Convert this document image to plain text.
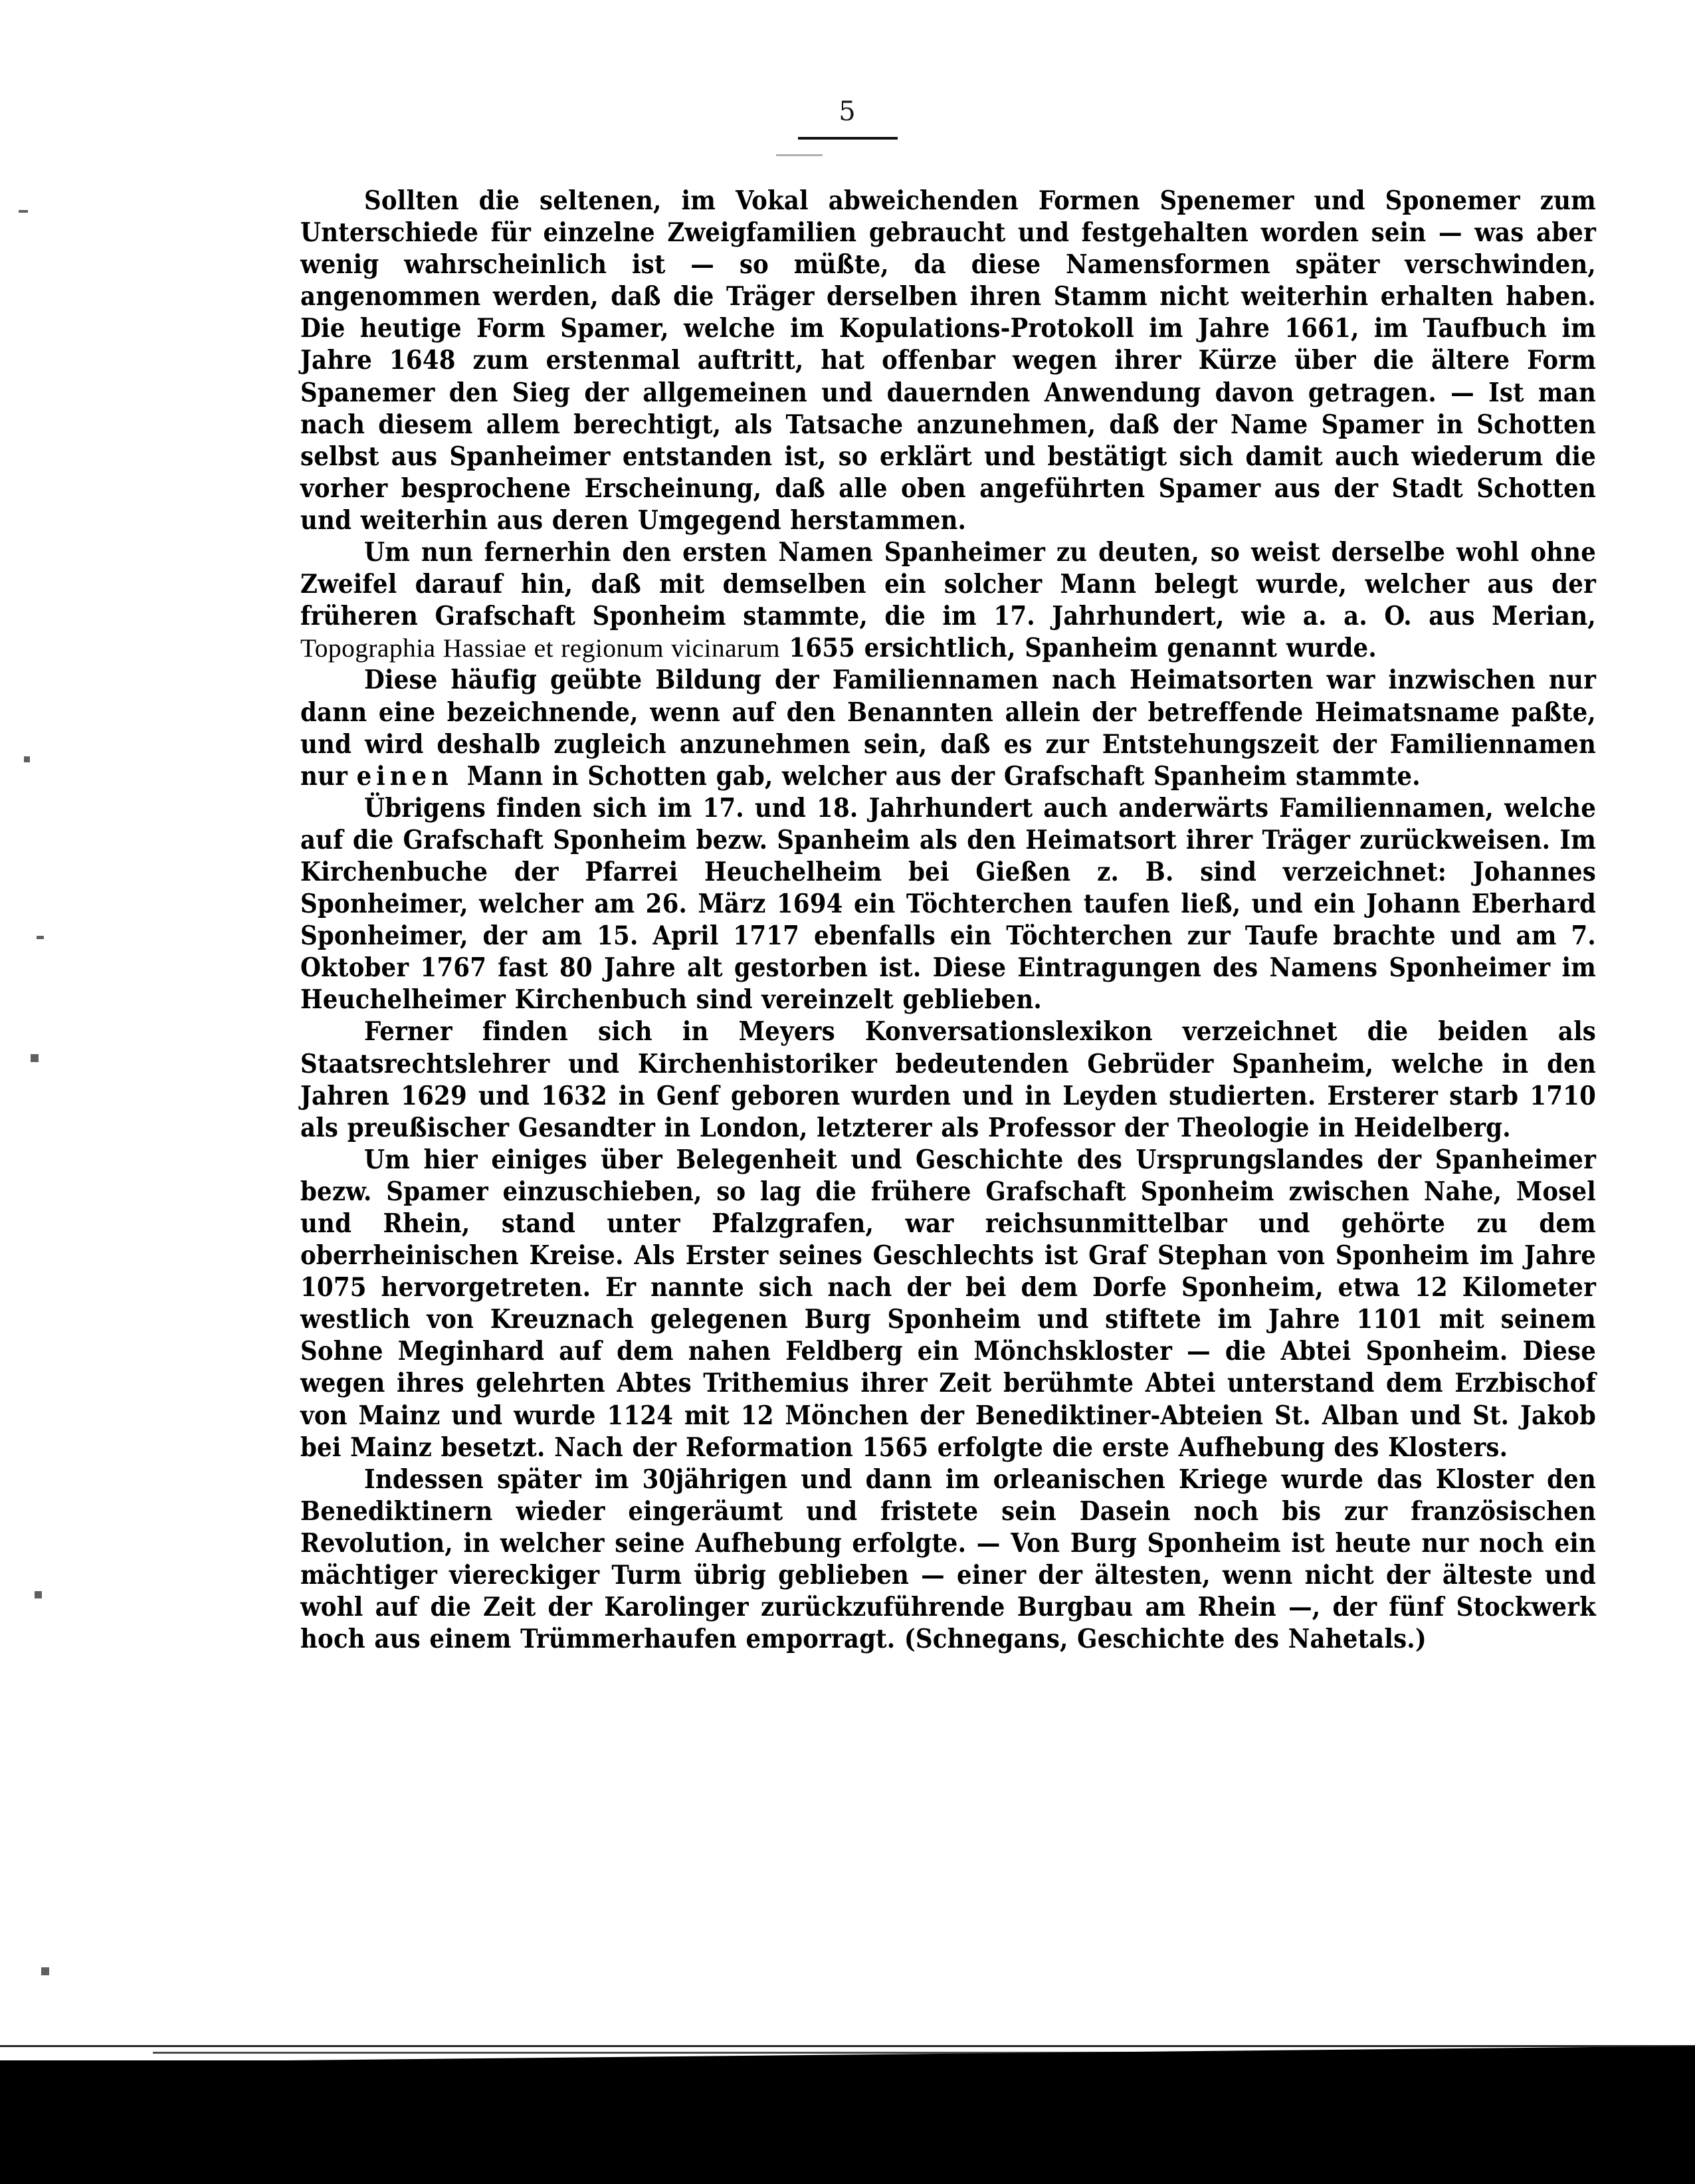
5

Sollten die seltenen, im Vokal abweichenden Formen Spenemer und Sponemer zum Unterschiede für einzelne Zweigfamilien gebraucht und festgehalten worden sein — was aber wenig wahrscheinlich ist — so müßte, da diese Namensformen später verschwinden, angenommen werden, daß die Träger derselben ihren Stamm nicht weiterhin erhalten haben. Die heutige Form Spamer, welche im Kopulations-Protokoll im Jahre 1661, im Taufbuch im Jahre 1648 zum erstenmal auftritt, hat offenbar wegen ihrer Kürze über die ältere Form Spanemer den Sieg der allgemeinen und dauernden Anwendung davon getragen. — Ist man nach diesem allem berechtigt, als Tatsache anzunehmen, daß der Name Spamer in Schotten selbst aus Spanheimer entstanden ist, so erklärt und bestätigt sich damit auch wiederum die vorher besprochene Erscheinung, daß alle oben angeführten Spamer aus der Stadt Schotten und weiterhin aus deren Umgegend herstammen.

Um nun fernerhin den ersten Namen Spanheimer zu deuten, so weist derselbe wohl ohne Zweifel darauf hin, daß mit demselben ein solcher Mann belegt wurde, welcher aus der früheren Grafschaft Sponheim stammte, die im 17. Jahrhundert, wie a. a. O. aus Merian, Topographia Hassiae et regionum vicinarum 1655 ersichtlich, Spanheim genannt wurde.

Diese häufig geübte Bildung der Familiennamen nach Heimatsorten war inzwischen nur dann eine bezeichnende, wenn auf den Benannten allein der betreffende Heimatsname paßte, und wird deshalb zugleich anzunehmen sein, daß es zur Entstehungszeit der Familiennamen nur einen Mann in Schotten gab, welcher aus der Grafschaft Spanheim stammte.

Übrigens finden sich im 17. und 18. Jahrhundert auch anderwärts Familiennamen, welche auf die Grafschaft Sponheim bezw. Spanheim als den Heimatsort ihrer Träger zurückweisen. Im Kirchenbuche der Pfarrei Heuchelheim bei Gießen z. B. sind verzeichnet: Johannes Sponheimer, welcher am 26. März 1694 ein Töchterchen taufen ließ, und ein Johann Eberhard Sponheimer, der am 15. April 1717 ebenfalls ein Töchterchen zur Taufe brachte und am 7. Oktober 1767 fast 80 Jahre alt gestorben ist. Diese Eintragungen des Namens Sponheimer im Heuchelheimer Kirchenbuch sind vereinzelt geblieben.

Ferner finden sich in Meyers Konversationslexikon verzeichnet die beiden als Staatsrechtslehrer und Kirchenhistoriker bedeutenden Gebrüder Spanheim, welche in den Jahren 1629 und 1632 in Genf geboren wurden und in Leyden studierten. Ersterer starb 1710 als preußischer Gesandter in London, letzterer als Professor der Theologie in Heidelberg.

Um hier einiges über Belegenheit und Geschichte des Ursprungslandes der Spanheimer bezw. Spamer einzuschieben, so lag die frühere Grafschaft Sponheim zwischen Nahe, Mosel und Rhein, stand unter Pfalzgrafen, war reichsunmittelbar und gehörte zu dem oberrheinischen Kreise. Als Erster seines Geschlechts ist Graf Stephan von Sponheim im Jahre 1075 hervorgetreten. Er nannte sich nach der bei dem Dorfe Sponheim, etwa 12 Kilometer westlich von Kreuznach gelegenen Burg Sponheim und stiftete im Jahre 1101 mit seinem Sohne Meginhard auf dem nahen Feldberg ein Mönchskloster — die Abtei Sponheim. Diese wegen ihres gelehrten Abtes Trithemius ihrer Zeit berühmte Abtei unterstand dem Erzbischof von Mainz und wurde 1124 mit 12 Mönchen der Benediktiner-Abteien St. Alban und St. Jakob bei Mainz besetzt. Nach der Reformation 1565 erfolgte die erste Aufhebung des Klosters.

Indessen später im 30jährigen und dann im orleanischen Kriege wurde das Kloster den Benediktinern wieder eingeräumt und fristete sein Dasein noch bis zur französischen Revolution, in welcher seine Aufhebung erfolgte. — Von Burg Sponheim ist heute nur noch ein mächtiger viereckiger Turm übrig geblieben — einer der ältesten, wenn nicht der älteste und wohl auf die Zeit der Karolinger zurückzuführende Burgbau am Rhein —, der fünf Stockwerk hoch aus einem Trümmerhaufen emporragt. (Schnegans, Geschichte des Nahetals.)
